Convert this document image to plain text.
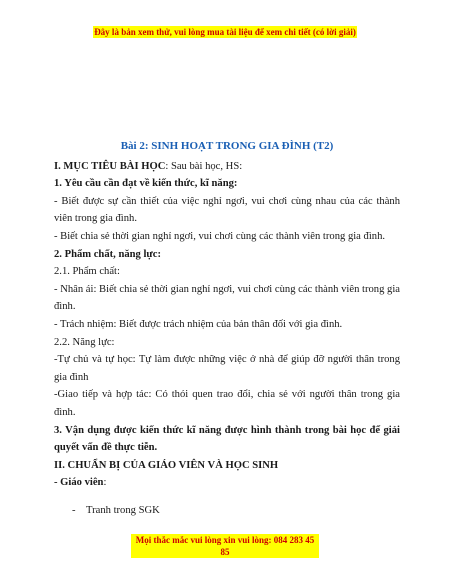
Đây là bản xem thử, vui lòng mua tài liệu để xem chi tiết (có lời giải)
Bài 2: SINH HOẠT TRONG GIA ĐÌNH (T2)

I. MỤC TIÊU BÀI HỌC: Sau bài học, HS:

1. Yêu cầu cần đạt về kiến thức, kĩ năng:

- Biết được sự cần thiết của việc nghỉ ngơi, vui chơi cùng nhau của các thành viên trong gia đình.

- Biết chia sẻ thời gian nghỉ ngơi, vui chơi cùng các thành viên trong gia đình.

2. Phẩm chất, năng lực:

2.1. Phẩm chất:

- Nhân ái: Biết chia sẻ thời gian nghỉ ngơi, vui chơi cùng các thành viên trong gia đình.

- Trách nhiệm: Biết được trách nhiệm của bản thân đối với gia đình.

2.2. Năng lực:

-Tự chủ và tự học: Tự làm được những việc ở nhà để giúp đỡ người thân trong gia đình

-Giao tiếp và hợp tác: Có thói quen trao đổi, chia sẻ với người thân trong gia đình.

3. Vận dụng được kiến thức kĩ năng được hình thành trong bài học để giải quyết vấn đề thực tiễn.

II. CHUẨN BỊ CỦA GIÁO VIÊN VÀ HỌC SINH

- Giáo viên:

- Tranh trong SGK
Mọi thắc mắc vui lòng xin vui lòng: 084 283 45 85
